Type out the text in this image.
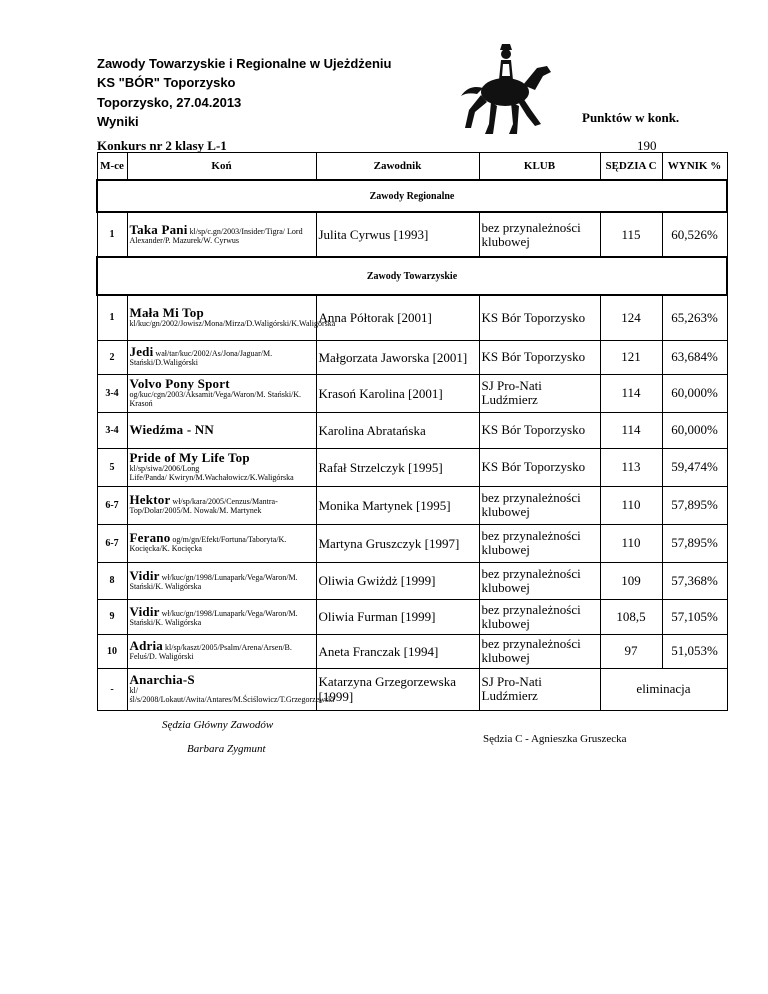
Zawody Towarzyskie i Regionalne w Ujeżdżeniu
KS "BÓR" Toporzysko
Toporzysko, 27.04.2013
Wyniki	Punktów w konk.
Konkurs nr 2 klasy L-1	190
M-ce	Koń	Zawodnik	KLUB	SĘDZIA C	WYNIK %
Zawody Regionalne					
1	Taka Pani kl/sp/c.gn/2003/Insider/Tigra/ Lord
Alexander/P. Mazurek/W. Cyrwus	Julita Cyrwus [1993]	bez przynależności klubowej	115	60,526%
Zawody Towarzyskie					
1	Mała Mi Top
kl/kuc/gn/2002/Jowisz/Mona/Mirza/D.Waligórski/K.Waligórska	Anna Półtorak [2001]	KS Bór Toporzysko	124	65,263%
2	Jedi wał/tar/kuc/2002/As/Jona/Jaguar/M.
Stański/D.Waligórski	Małgorzata Jaworska [2001]	KS Bór Toporzysko	121	63,684%
3-4	Volvo Pony Sport
og/kuc/cgn/2003/Aksamit/Vega/Waron/M. Stański/K. Krasoń	Krasoń Karolina [2001]	SJ Pro-Nati Ludźmierz	114	60,000%
3-4	Wiedźma - NN	Karolina Abratańska	KS Bór Toporzysko	114	60,000%
5	Pride of My Life Top kl/sp/siwa/2006/Long
Life/Panda/ Kwiryn/M.Wachałowicz/K.Waligórska	Rafał Strzelczyk [1995]	KS Bór Toporzysko	113	59,474%
6-7	Hektor wł/sp/kara/2005/Cenzus/Mantra-
Top/Dolar/2005/M. Nowak/M. Martynek	Monika Martynek [1995]	bez przynależności klubowej	110	57,895%
6-7	Ferano og/m/gn/Efekt/Fortuna/Taboryta/K.
Kocięcka/K. Kocięcka	Martyna Gruszczyk [1997]	bez przynależności klubowej	110	57,895%
8	Vidir wł/kuc/gn/1998/Lunapark/Vega/Waron/M.
Stański/K. Waligórska	Oliwia Gwiżdż [1999]	bez przynależności klubowej	109	57,368%
9	Vidir wł/kuc/gn/1998/Lunapark/Vega/Waron/M.
Stański/K. Waligórska	Oliwia Furman [1999]	bez przynależności klubowej	108,5	57,105%
10	Adria kl/sp/kaszt/2005/Psalm/Arena/Arsen/B.
Feluś/D. Waligórski	Aneta Franczak [1994]	bez przynależności klubowej	97	51,053%
-	Anarchia-S
kl/śl/s/2008/Lokaut/Awita/Antares/M.Ściślowicz/T.Grzegorzewski	Katarzyna Grzegorzewska [1999]	SJ Pro-Nati Ludźmierz	eliminacja	
Sędzia Główny Zawodów
Barbara Zygmunt
Sędzia C - Agnieszka Gruszecka
